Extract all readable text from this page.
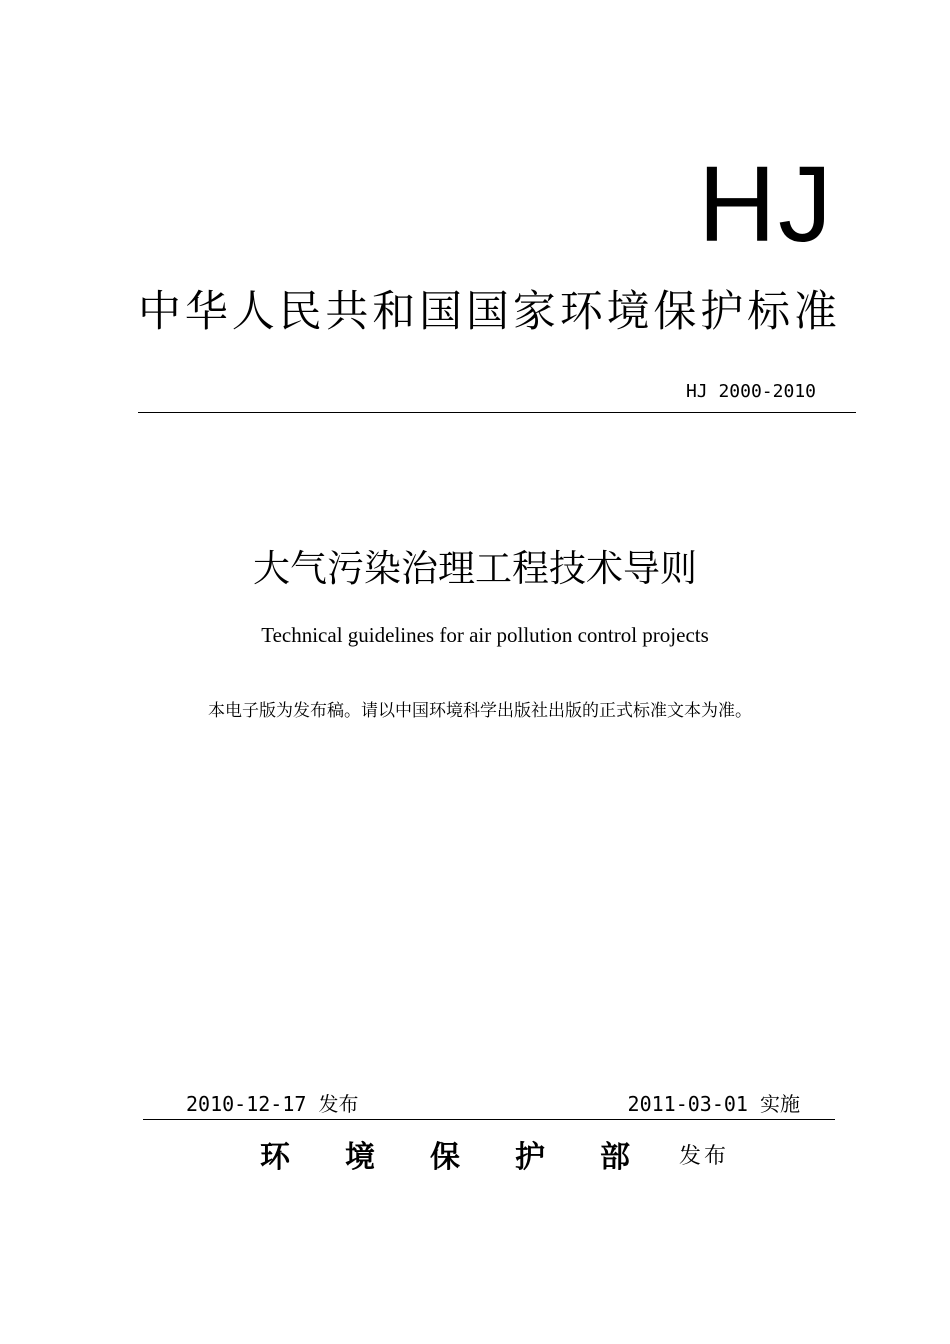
HJ
中华人民共和国国家环境保护标准
HJ 2000-2010
大气污染治理工程技术导则
Technical guidelines for air pollution control projects
本电子版为发布稿。请以中国环境科学出版社出版的正式标准文本为准。
2010-12-17 发布	2011-03-01 实施
环 境 保 护 部	发布
